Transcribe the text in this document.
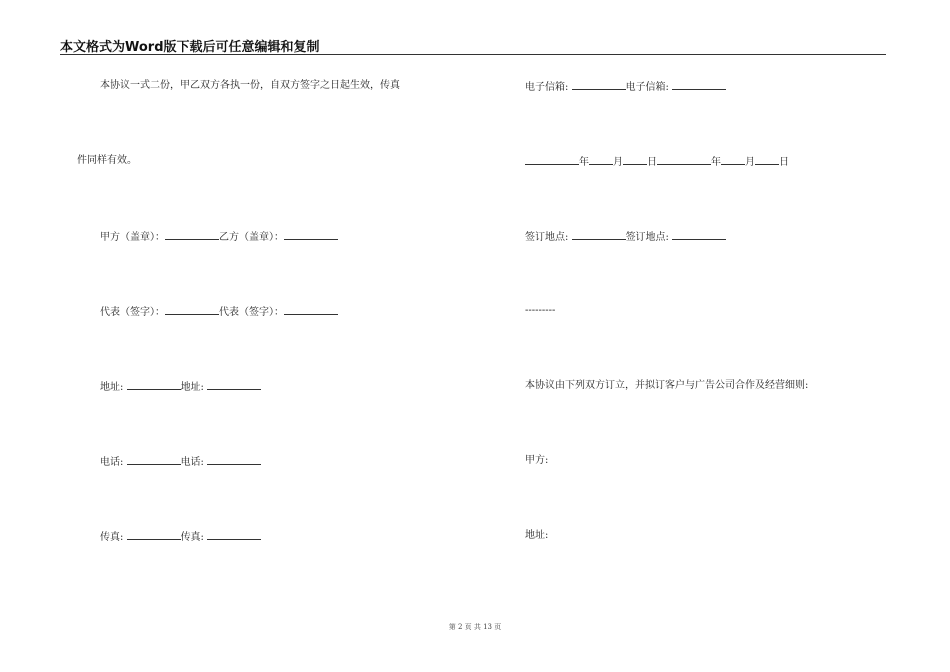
本文格式为Word版下载后可任意编辑和复制
本协议一式二份，甲乙双方各执一份，自双方签字之日起生效，传真
件同样有效。
甲方（盖章）：	乙方（盖章）：
代表（签字）：	代表（签字）：
地址:	地址:
电话:	电话:
传真:	传真:
电子信箱:	电子信箱:
年 月 日	年 月 日
签订地点:	签订地点:
---------
本协议由下列双方订立，并拟订客户与广告公司合作及经营细则:
甲方:
地址:
第 2 页 共 13 页
